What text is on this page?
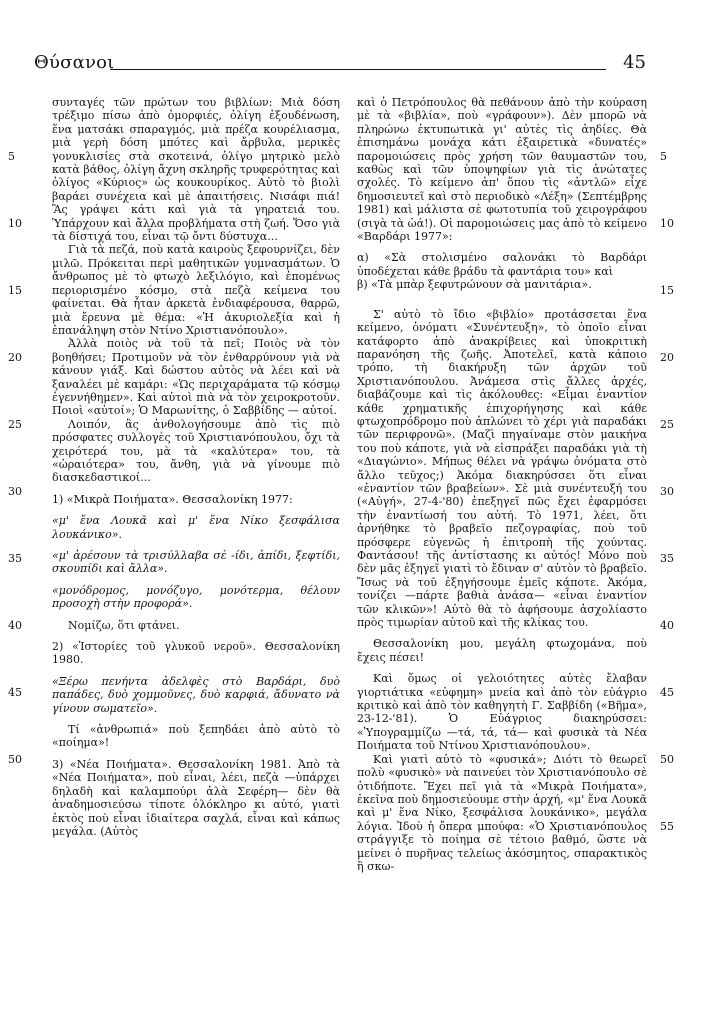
Θύσανοι	45

συνταγές τῶν πρώτων του βιβλίων: Μιὰ δόση τρέξιμο πίσω ἀπὸ ὀμορφιές, ὀλίγη ἐξουδένωση, ἕνα ματσάκι σπαραγμός, μιὰ πρέζα κουρέλιασμα, μιὰ γερὴ δόση μπότες καὶ ἄρβυλα, μερικὲς γονυκλισίες στὰ σκοτεινά, ὀλίγο μητρικὸ μελὸ κατὰ βάθος, ὀλίγη ἄχνη σκληρῆς τρυφερότητας καὶ ὀλίγος «Κύριος» ὡς κουκουρίκος. Αὐτὸ τὸ βιολὶ βαράει συνέχεια καὶ μὲ ἀπαιτήσεις. Νισάφι πιά! Ἂς γράψει κάτι καὶ γιὰ τὰ γηρατειά του. Ὑπάρχουν καὶ ἄλλα προβλήματα στὴ ζωή. Ὅσο γιὰ τὰ δίστιχά του, εἶναι τῷ ὄντι δύστυχα...

Γιὰ τὰ πεζά, ποὺ κατὰ καιροὺς ξεφουρνίζει, δὲν μιλῶ. Πρόκειται περὶ μαθητικῶν γυμνασμάτων. Ὁ ἄνθρωπος μὲ τὸ φτωχὸ λεξιλόγιο, καὶ ἑπομένως περιορισμένο κόσμο, στὰ πεζὰ κείμενα του φαίνεται. Θὰ ἦταν ἀρκετὰ ἐνδιαφέρουσα, θαρρῶ, μιὰ ἔρευνα μὲ θέμα: «Ἡ ἀκυριολεξία καὶ ἡ ἐπανάληψη στὸν Ντίνο Χριστιανόπουλο».

Ἀλλὰ ποιὸς νὰ τοῦ τὰ πεῖ; Ποιὸς νὰ τὸν βοηθήσει; Προτιμοῦν νὰ τὸν ἐνθαρρύνουν γιὰ νὰ κάνουν γιάξ. Καὶ δώστου αὐτὸς νὰ λέει καὶ νὰ ξαναλέει μὲ καμάρι: «Ὡς περιχαράματα τῷ κόσμῳ ἐγεννήθημεν». Καὶ αὐτοὶ πιὰ νὰ τὸν χειροκροτοῦν. Ποιοὶ «αὐτοί»; Ὁ Μαρωνίτης, ὁ Σαββίδης — αὐτοί.

Λοιπόν, ἂς ἀνθολογήσουμε ἀπὸ τὶς πιὸ πρόσφατες συλλογὲς τοῦ Χριστιανόπουλου, ὄχι τὰ χειρότερά του, μὰ τὰ «καλύτερα» του, τὰ «ὡραιότερα» του, ἄνθη, γιὰ νὰ γίνουμε πιὸ διασκεδαστικοί...

1) «Μικρὰ Ποιήματα». Θεσσαλονίκη 1977:

«μ' ἕνα Λουκᾶ καὶ μ' ἕνα Νίκο ξεσφάλισα λουκάνικο».

«μ' ἀρέσουν τὰ τρισύλλαβα σὲ -ίδι, ἀπίδι, ξεφτίδι, σκουπίδι καὶ ἄλλα».

«μονόδρομος, μονόζυγο, μονότερμα, θέλουν προσοχὴ στὴν προφορά».

Νομίζω, ὅτι φτάνει.

2) «Ἱστορίες τοῦ γλυκοῦ νεροῦ». Θεσσαλονίκη 1980.

«Ξέρω πενήντα ἀδελφὲς στὸ Βαρδάρι, δυὸ παπάδες, δυὸ χομμοῦνες, δυὸ καρφιά, ἄδυνατο νὰ γίνουν σωματεῖο».

Τί «ἀνθρωπιά» ποὺ ξεπηδάει ἀπὸ αὐτὸ τὸ «ποίημα»!

3) «Νέα Ποιήματα». Θεσσαλονίκη 1981. Ἀπὸ τὰ «Νέα Ποιήματα», ποὺ εἶναι, λέει, πεζὰ —ὑπάρχει δηλαδὴ καὶ καλαμπούρι ἀλὰ Σεφέρη— δὲν θὰ ἀναδημοσιεύσω τίποτε ὁλόκληρο κι αὐτό, γιατὶ ἐκτὸς ποὺ εἶναι ἰδιαίτερα σαχλά, εἶναι καὶ κάπως μεγάλα. (Αὐτὸς

καὶ ὁ Πετρόπουλος θὰ πεθάνουν ἀπὸ τὴν κούραση μὲ τὰ «βιβλία», ποὺ «γράφουν»). Δὲν μπορῶ νὰ πληρώνω ἐκτυπωτικὰ γι' αὐτὲς τὶς ἀηδίες. Θὰ ἐπισημάνω μονάχα κάτι ἐξαιρετικὰ «δυνατές» παρομοιώσεις πρὸς χρήση τῶν θαυμαστῶν του, καθὼς καὶ τῶν ὑποψηφίων γιὰ τὶς ἀνώτατες σχολές. Τὸ κείμενο ἀπ' ὅπου τὶς «ἀντλῶ» εἶχε δημοσιευτεῖ καὶ στὸ περιοδικὸ «Λέξη» (Σεπτέμβρης 1981) καὶ μάλιστα σὲ φωτοτυπία τοῦ χειρογράφου (σιγὰ τὰ ὠά!). Οἱ παρομοιώσεις μας ἀπὸ τὸ κείμενο «Βαρδάρι 1977»:

α) «Σὰ στολισμένο σαλονάκι τὸ Βαρδάρι ὑποδέχεται κάθε βράδυ τὰ φαντάρια του» καὶ

β) «Τὰ μπὰρ ξεφυτρώνουν σὰ μανιτάρια».

Σ' αὐτὸ τὸ ἴδιο «βιβλίο» προτάσσεται ἕνα κείμενο, ὀνόματι «Συνέντευξη», τὸ ὁποῖο εἶναι κατάφορτο ἀπὸ ἀνακρίβειες καὶ ὑποκριτικὴ παρανόηση τῆς ζωῆς. Ἀποτελεῖ, κατὰ κάποιο τρόπο, τὴ διακήρυξη τῶν ἀρχῶν τοῦ Χριστιανόπουλου. Ἀνάμεσα στὶς ἄλλες ἀρχές, διαβάζουμε καὶ τὶς ἀκόλουθες: «Εἶμαι ἐναντίον κάθε χρηματικῆς ἐπιχορήγησης καὶ κάθε φτωχοπρόδρομο ποὺ ἁπλώνει τὸ χέρι γιὰ παραδάκι τῶν περιφρονῶ». (Μαζὶ πηγαίναμε στὸν μαικήνα του ποὺ κάποτε, γιὰ νὰ εἰσπράξει παραδάκι γιὰ τὴ «Διαγώνιο». Μήπως θέλει νὰ γράψω ὀνόματα στὸ ἄλλο τεῦχος;) Ἀκόμα διακηρύσσει ὅτι εἶναι «ἐναντίον τῶν βραβείων». Σὲ μιὰ συνέντευξή του («Αὐγή», 27-4-'80) ἐπεξηγεῖ πῶς ἔχει ἐφαρμόσει τὴν ἐναντίωσή του αὐτή. Τὸ 1971, λέει, ὅτι ἀρνήθηκε τὸ βραβεῖο πεζογραφίας, ποὺ τοῦ πρόσφερε εὐγενῶς ἡ ἐπιτροπὴ τῆς χούντας. Φαντάσου! τῆς ἀντίστασης κι αὐτός! Μόνο ποὺ δὲν μᾶς ἐξηγεῖ γιατὶ τὸ ἔδιναν σ' αὐτὸν τὸ βραβεῖο. Ἴσως νὰ τοῦ ἐξηγήσουμε ἐμεῖς κάποτε. Ἀκόμα, τονίζει —πάρτε βαθιὰ ἀνάσα— «εἶναι ἐναντίον τῶν κλικῶν»! Αὐτὸ θὰ τὸ ἀφήσουμε ἀσχολίαστο πρὸς τιμωρίαν αὐτοῦ καὶ τῆς κλίκας του.

Θεσσαλονίκη μου, μεγάλη φτωχομάνα, ποὺ ἔχεις πέσει!

Καὶ ὅμως οἱ γελοιότητες αὐτὲς ἔλαβαν γιορτιάτικα «εὐφημη» μνεία καὶ ἀπὸ τὸν εὐάγριο κριτικὸ καὶ ἀπὸ τὸν καθηγητὴ Γ. Σαββίδη («Βῆμα», 23-12-'81). Ὁ Εὐάγριος διακηρύσσει: «Ὑπογραμμίζω —τά, τά, τά— καὶ φυσικὰ τὰ Νέα Ποιήματα τοῦ Ντίνου Χριστιανόπουλου».

Καὶ γιατὶ αὐτὸ τὸ «φυσικά»; Διότι τὸ θεωρεῖ πολὺ «φυσικὸ» νὰ παινεύει τὸν Χριστιανόπουλο σὲ ὁτιδήποτε. Ἔχει πεῖ γιὰ τὰ «Μικρὰ Ποιήματα», ἐκεῖνα ποὺ δημοσιεύουμε στὴν ἀρχή, «μ' ἕνα Λουκᾶ καὶ μ' ἕνα Νίκο, ξεσφάλισα λουκάνικο», μεγάλα λόγια. Ἰδοὺ ἡ ὄπερα μπούφα: «Ὁ Χριστιανόπουλος στράγγιξε τὸ ποίημα σὲ τέτοιο βαθμό, ὥστε νὰ μείνει ὁ πυρῆνας τελείως ἀκόσμητος, σπαρακτικὸς ἢ σκω-

5
10
15
20
25
30
35
40
45
50
5
10
15
20
25
30
35
40
45
50
55
